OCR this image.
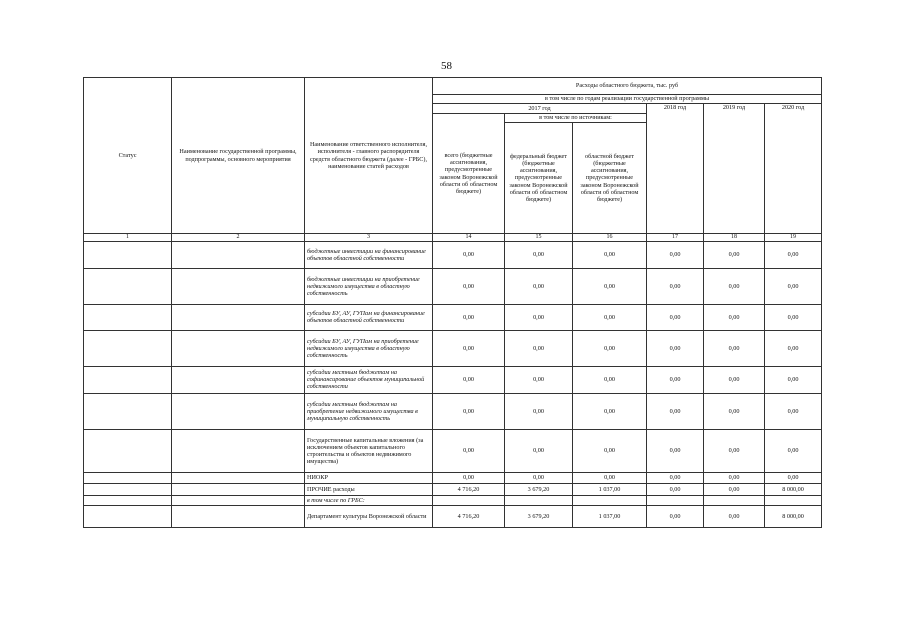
58
Статус	Наименование государственной программы, подпрограммы, основного мероприятия	Наименование ответственного исполнителя, исполнителя - главного распорядителя средств областного бюджета (далее - ГРБС), наименование статей расходов	Расходы областного бюджета, тыс. руб					
			в том числе по годам реализации государственной программы					
			2017 год			2018 год	2019 год	2020 год
			всего (бюджетные ассигнования, предусмотренные законом Воронежской области об областном бюджете)	в том числе по источникам:				
				федеральный бюджет (бюджетные ассигнования, предусмотренные законом Воронежской области об областном бюджете)	областной бюджет (бюджетные ассигнования, предусмотренные законом Воронежской области об областном бюджете)			
1	2	3	14	15	16	17	18	19
		бюджетные инвестиции на финансирование объектов областной собственности	0,00	0,00	0,00	0,00	0,00	0,00
		бюджетные инвестиции на приобретение недвижимого имущества в областную собственность	0,00	0,00	0,00	0,00	0,00	0,00
		субсидии БУ, АУ, ГУПам на финансирование объектов областной собственности	0,00	0,00	0,00	0,00	0,00	0,00
		субсидии БУ, АУ, ГУПам на приобретение недвижимого имущества в областную собственность	0,00	0,00	0,00	0,00	0,00	0,00
		субсидии местным бюджетам на софинансирование объектов муниципальной собственности	0,00	0,00	0,00	0,00	0,00	0,00
		субсидии местным бюджетам на приобретение недвижимого имущества в муниципальную собственность	0,00	0,00	0,00	0,00	0,00	0,00
		Государственные капитальные вложения (за исключением объектов капитального строительства и объектов недвижимого имущества)	0,00	0,00	0,00	0,00	0,00	0,00
		НИОКР	0,00	0,00	0,00	0,00	0,00	0,00
		ПРОЧИЕ расходы	4 716,20	3 679,20	1 037,00	0,00	0,00	8 000,00
		в том числе по ГРБС:						
		Департамент культуры Воронежской области	4 716,20	3 679,20	1 037,00	0,00	0,00	8 000,00
